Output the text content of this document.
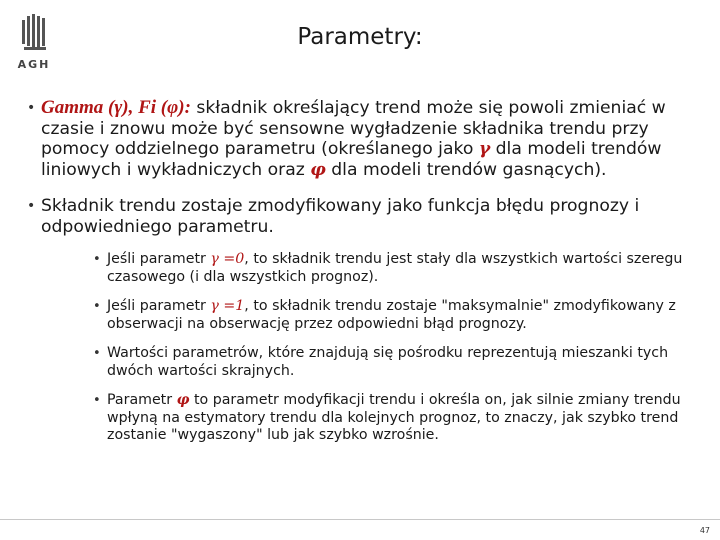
AGH
Parametry:
• Gamma (γ), Fi (φ): składnik określający trend może się powoli zmieniać w czasie i znowu może być sensowne wygładzenie składnika trendu przy pomocy oddzielnego parametru (określanego jako γ dla modeli trendów liniowych i wykładniczych oraz φ dla modeli trendów gasnących).
• Składnik trendu zostaje zmodyfikowany jako funkcja błędu prognozy i odpowiedniego parametru.
• Jeśli parametr γ =0, to składnik trendu jest stały dla wszystkich wartości szeregu czasowego (i dla wszystkich prognoz).
• Jeśli parametr γ =1, to składnik trendu zostaje "maksymalnie" zmodyfikowany z obserwacji na obserwację przez odpowiedni błąd prognozy.
• Wartości parametrów, które znajdują się pośrodku reprezentują mieszanki tych dwóch wartości skrajnych.
• Parametr φ to parametr modyfikacji trendu i określa on, jak silnie zmiany trendu wpłyną na estymatory trendu dla kolejnych prognoz, to znaczy, jak szybko trend zostanie "wygaszony" lub jak szybko wzrośnie.
47
